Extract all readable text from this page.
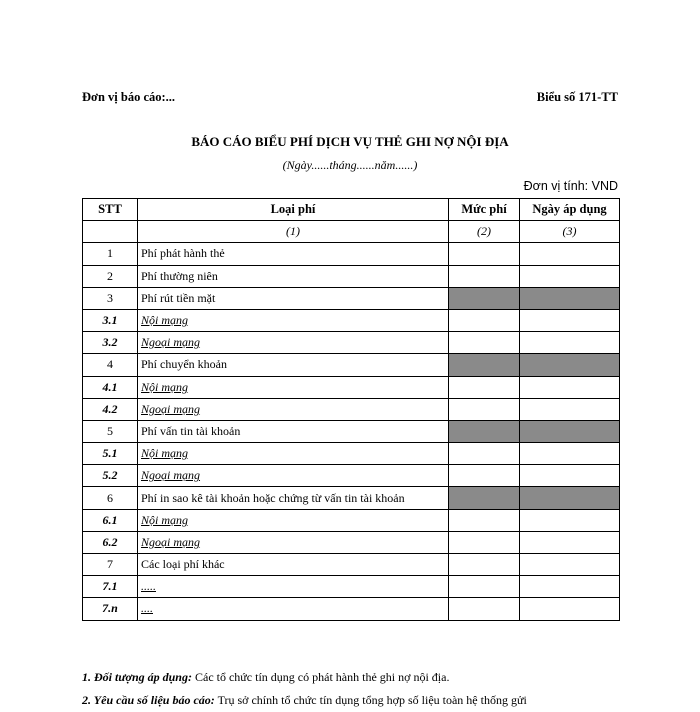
Đơn vị báo cáo:...	Biểu số 171-TT
BÁO CÁO BIỂU PHÍ DỊCH VỤ THẺ GHI NỢ NỘI ĐỊA
(Ngày......tháng......năm......)
Đơn vị tính: VND
STT	Loại phí	Mức phí	Ngày áp dụng
	(1)	(2)	(3)
1	Phí phát hành thẻ		
2	Phí thường niên		
3	Phí rút tiền mặt		
3.1	Nội mạng		
3.2	Ngoại mạng		
4	Phí chuyển khoản		
4.1	Nội mạng		
4.2	Ngoại mạng		
5	Phí vấn tin tài khoản		
5.1	Nội mạng		
5.2	Ngoại mạng		
6	Phí in sao kê tài khoản hoặc chứng từ vấn tin tài khoản		
6.1	Nội mạng		
6.2	Ngoại mạng		
7	Các loại phí khác		
7.1	.....		
7.n	....		
1. Đối tượng áp dụng: Các tổ chức tín dụng có phát hành thẻ ghi nợ nội địa.
2. Yêu cầu số liệu báo cáo: Trụ sở chính tổ chức tín dụng tổng hợp số liệu toàn hệ thống gửi
